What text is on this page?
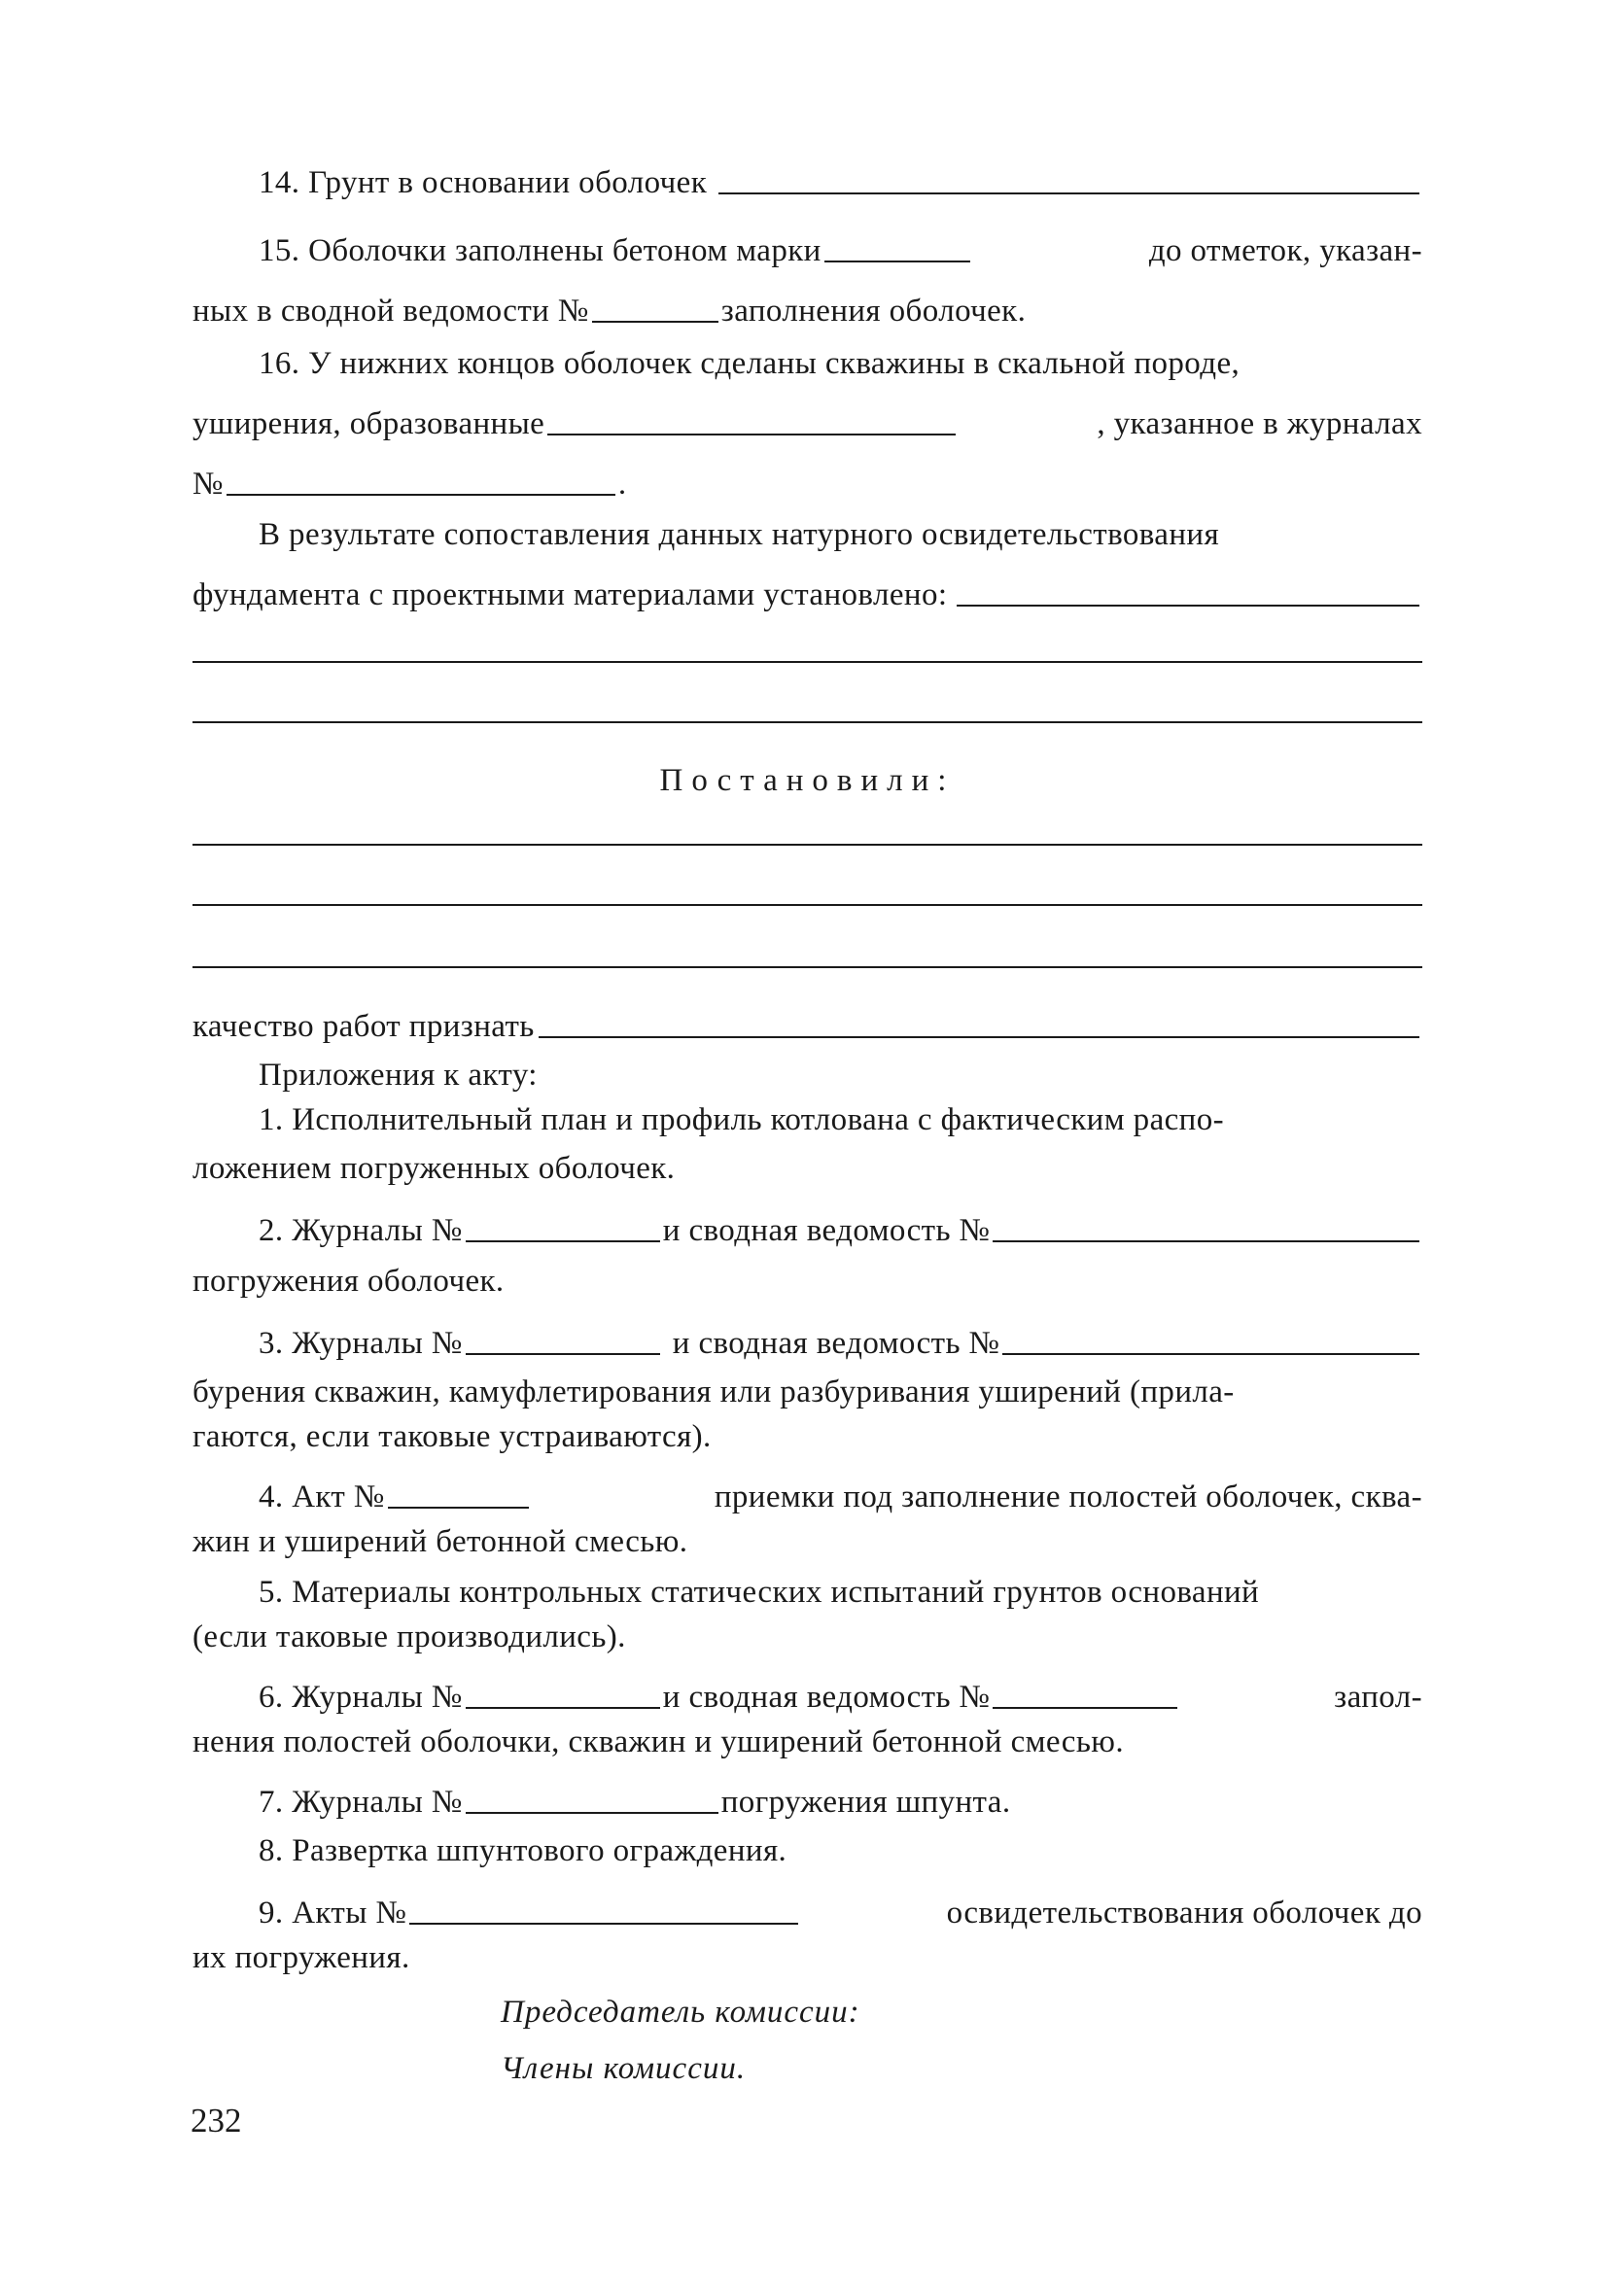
14. Грунт в основании оболочек
15. Оболочки заполнены бетоном марки	до отметок, указан-
ных в сводной ведомости №	заполнения оболочек.
16. У нижних концов оболочек сделаны скважины в скальной породе,
уширения, образованные	, указанное в журналах
№	.
В результате сопоставления данных натурного освидетельствования
фундамента с проектными материалами установлено:
Постановили:
качество работ признать
Приложения к акту:
1. Исполнительный план и профиль котлована с фактическим распо-
ложением погруженных оболочек.
2. Журналы №	и сводная ведомость №
погружения оболочек.
3. Журналы №	и сводная ведомость №
бурения скважин, камуфлетирования или разбуривания уширений (прила-
гаются, если таковые устраиваются).
4. Акт №	приемки под заполнение полостей оболочек, сква-
жин и уширений бетонной смесью.
5. Материалы контрольных статических испытаний грунтов оснований
(если таковые производились).
6. Журналы №	и сводная ведомость №	запол-
нения полостей оболочки, скважин и уширений бетонной смесью.
7. Журналы №	погружения шпунта.
8. Развертка шпунтового ограждения.
9. Акты №	освидетельствования оболочек до
их погружения.
Председатель комиссии:
Члены комиссии.
232
